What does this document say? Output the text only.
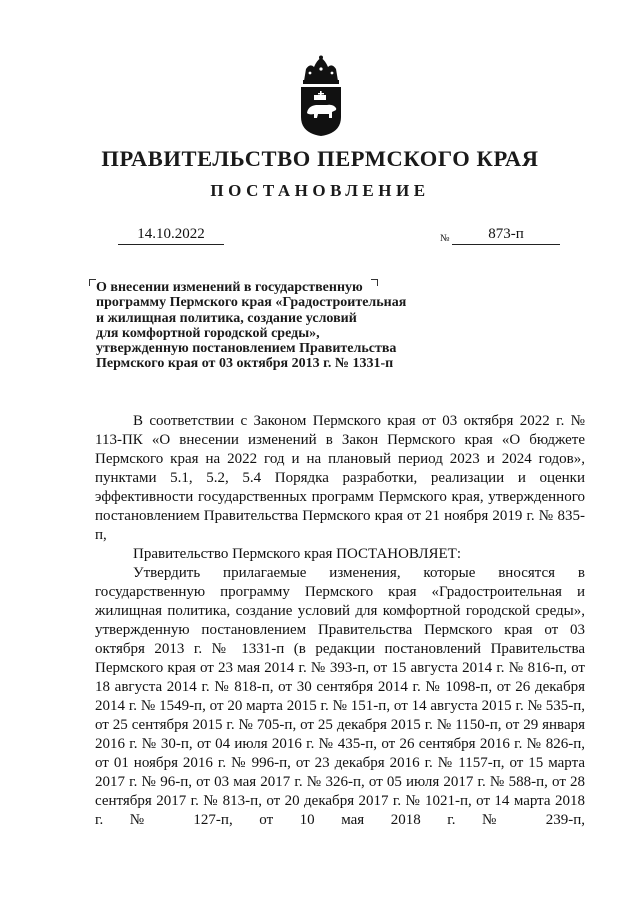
ПРАВИТЕЛЬСТВО ПЕРМСКОГО КРАЯ
ПОСТАНОВЛЕНИЕ
14.10.2022	№	873-п
О внесении изменений в государственную
программу Пермского края «Градостроительная
и жилищная политика, создание условий
для комфортной городской среды»,
утвержденную постановлением Правительства
Пермского края от 03 октября 2013 г. № 1331-п

В соответствии с Законом Пермского края от 03 октября 2022 г. № 113-ПК «О внесении изменений в Закон Пермского края «О бюджете Пермского края на 2022 год и на плановый период 2023 и 2024 годов», пунктами 5.1, 5.2, 5.4 Порядка разработки, реализации и оценки эффективности государственных программ Пермского края, утвержденного постановлением Правительства Пермского края от 21 ноября 2019 г. № 835-п,

Правительство Пермского края ПОСТАНОВЛЯЕТ:

Утвердить прилагаемые изменения, которые вносятся в государственную программу Пермского края «Градостроительная и жилищная политика, создание условий для комфортной городской среды», утвержденную постановлением Правительства Пермского края от 03 октября 2013 г. № 1331-п (в редакции постановлений Правительства Пермского края от 23 мая 2014 г. № 393-п, от 15 августа 2014 г. № 816-п, от 18 августа 2014 г. № 818-п, от 30 сентября 2014 г. № 1098-п, от 26 декабря 2014 г. № 1549-п, от 20 марта 2015 г. № 151-п, от 14 августа 2015 г. № 535-п, от 25 сентября 2015 г. № 705-п, от 25 декабря 2015 г. № 1150-п, от 29 января 2016 г. № 30-п, от 04 июля 2016 г. № 435-п, от 26 сентября 2016 г. № 826-п, от 01 ноября 2016 г. № 996-п, от 23 декабря 2016 г. № 1157-п, от 15 марта 2017 г. № 96-п, от 03 мая 2017 г. № 326-п, от 05 июля 2017 г. № 588-п, от 28 сентября 2017 г. № 813-п, от 20 декабря 2017 г. № 1021-п, от 14 марта 2018 г. № 127-п, от 10 мая 2018 г. № 239-п,
